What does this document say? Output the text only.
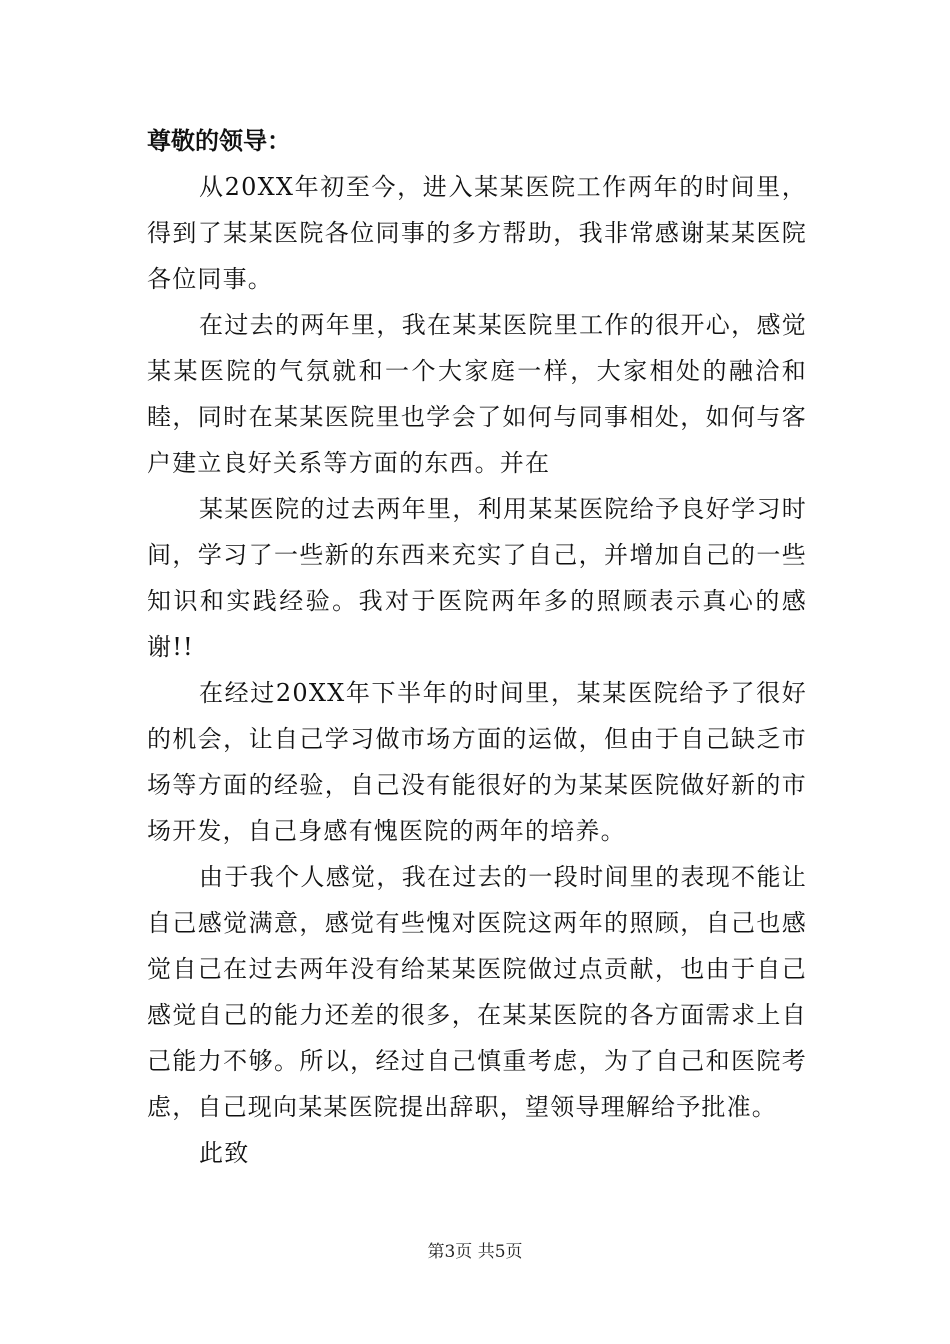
尊敬的领导：

从20XX年初至今，进入某某医院工作两年的时间里，得到了某某医院各位同事的多方帮助，我非常感谢某某医院各位同事。

在过去的两年里，我在某某医院里工作的很开心，感觉某某医院的气氛就和一个大家庭一样，大家相处的融洽和睦，同时在某某医院里也学会了如何与同事相处，如何与客户建立良好关系等方面的东西。并在

某某医院的过去两年里，利用某某医院给予良好学习时间，学习了一些新的东西来充实了自己，并增加自己的一些知识和实践经验。我对于医院两年多的照顾表示真心的感谢!!

在经过20XX年下半年的时间里，某某医院给予了很好的机会，让自己学习做市场方面的运做，但由于自己缺乏市场等方面的经验，自己没有能很好的为某某医院做好新的市场开发，自己身感有愧医院的两年的培养。

由于我个人感觉，我在过去的一段时间里的表现不能让自己感觉满意，感觉有些愧对医院这两年的照顾，自己也感觉自己在过去两年没有给某某医院做过点贡献，也由于自己感觉自己的能力还差的很多，在某某医院的各方面需求上自己能力不够。所以，经过自己慎重考虑，为了自己和医院考虑，自己现向某某医院提出辞职，望领导理解给予批准。

此致

第3页 共5页
